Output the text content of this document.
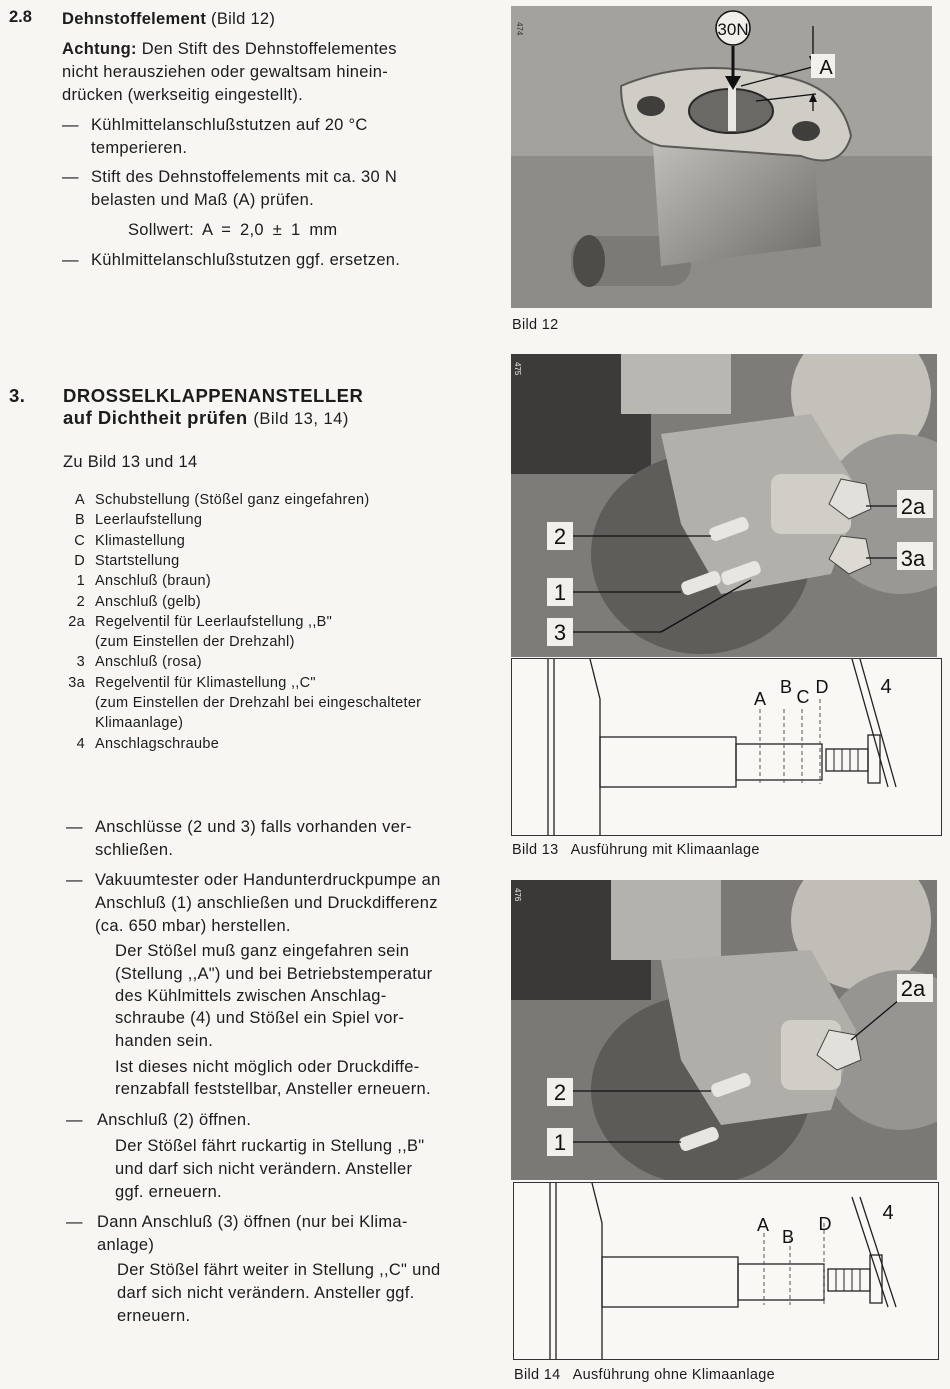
2.8 Dehnstoffelement (Bild 12)
Achtung: Den Stift des Dehnstoffelementes
nicht herausziehen oder gewaltsam hinein-
drücken (werkseitig eingestellt).
— Kühlmittelanschlußstutzen auf 20 °C
temperieren.
— Stift des Dehnstoffelements mit ca. 30 N
belasten und Maß (A) prüfen.
Sollwert: A = 2,0 ± 1 mm
— Kühlmittelanschlußstutzen ggf. ersetzen.
30N
A
474
Bild 12
3. DROSSELKLAPPENANSTELLER
auf Dichtheit prüfen (Bild 13, 14)
Zu Bild 13 und 14
A Schubstellung (Stößel ganz eingefahren)
B Leerlaufstellung
C Klimastellung
D Startstellung
1 Anschluß (braun)
2 Anschluß (gelb)
2a Regelventil für Leerlaufstellung ,,B"
(zum Einstellen der Drehzahl)
3 Anschluß (rosa)
3a Regelventil für Klimastellung ,,C"
(zum Einstellen der Drehzahl bei eingeschalteter
Klimaanlage)
4 Anschlagschraube
— Anschlüsse (2 und 3) falls vorhanden ver-
schließen.
— Vakuumtester oder Handunterdruckpumpe an
Anschluß (1) anschließen und Druckdifferenz
(ca. 650 mbar) herstellen.
Der Stößel muß ganz eingefahren sein
(Stellung ,,A") und bei Betriebstemperatur
des Kühlmittels zwischen Anschlag-
schraube (4) und Stößel ein Spiel vor-
handen sein.
Ist dieses nicht möglich oder Druckdiffe-
renzabfall feststellbar, Ansteller erneuern.
— Anschluß (2) öffnen.
Der Stößel fährt ruckartig in Stellung ,,B"
und darf sich nicht verändern. Ansteller
ggf. erneuern.
— Dann Anschluß (3) öffnen (nur bei Klima-
anlage)
Der Stößel fährt weiter in Stellung ,,C" und
darf sich nicht verändern. Ansteller ggf.
erneuern.
2
1
3
2a
3a
475
A
B C D	4
Bild 13 Ausführung mit Klimaanlage
2
1
2a
476
A
B
D	4
Bild 14 Ausführung ohne Klimaanlage
